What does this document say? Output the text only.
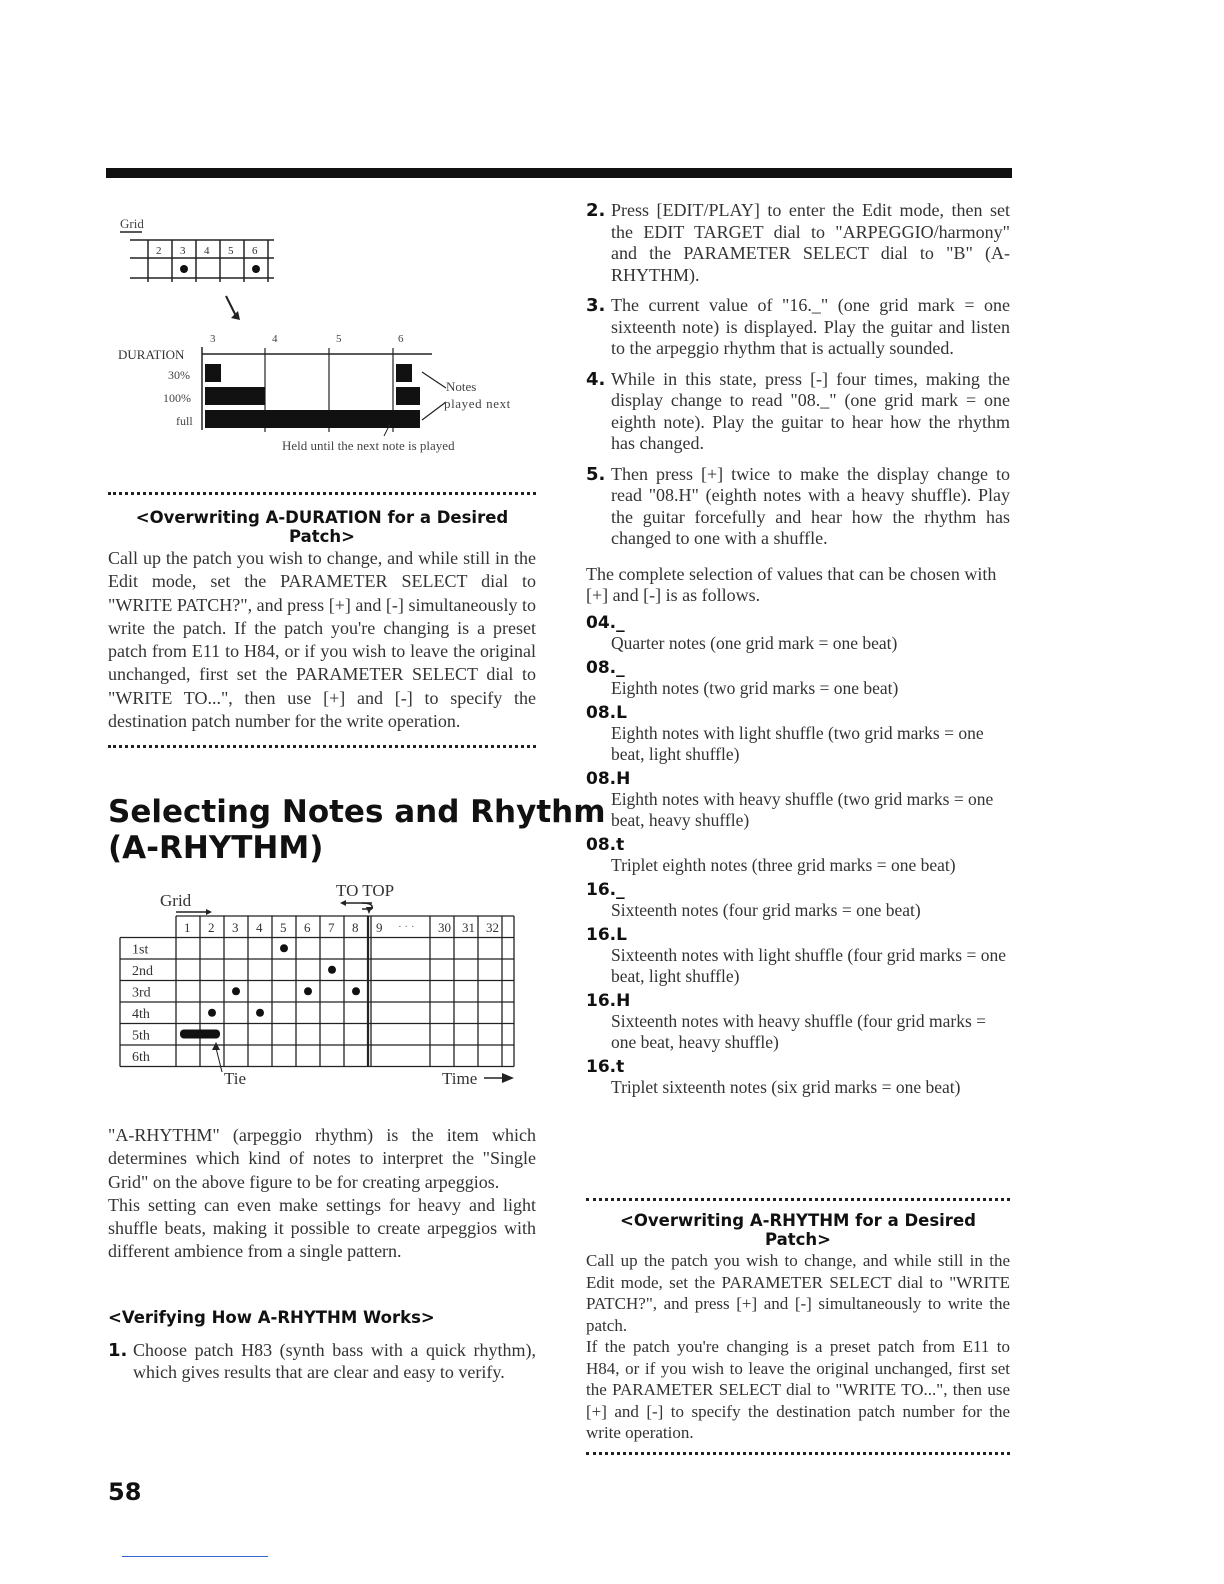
Grid
2 3 4 5 6
3	4	5	6
DURATION
30%
100%
full
Notes
played next
Held until the next note is played
<Overwriting A-DURATION for a Desired Patch>
Call up the patch you wish to change, and while still in the Edit mode, set the PARAMETER SELECT dial to "WRITE PATCH?", and press [+] and [-] simultaneously to write the patch. If the patch you're changing is a preset patch from E11 to H84, or if you wish to leave the original unchanged, first set the PARAMETER SELECT dial to "WRITE TO...", then use [+] and [-] to specify the destination patch number for the write operation.
Selecting Notes and Rhythm
(A-RHYTHM)
Grid
TO TOP
1 2 3 4 5 6 7 8 9	30 31 32
· · ·
1st
2nd
3rd
4th
5th
6th
Tie	Time
"A-RHYTHM" (arpeggio rhythm) is the item which determines which kind of notes to interpret the "Single Grid" on the above figure to be for creating arpeggios.
This setting can even make settings for heavy and light shuffle beats, making it possible to create arpeggios with different ambience from a single pattern.
<Verifying How A-RHYTHM Works>
1. Choose patch H83 (synth bass with a quick rhythm), which gives results that are clear and easy to verify.
58
2. Press [EDIT/PLAY] to enter the Edit mode, then set the EDIT TARGET dial to "ARPEGGIO/harmony" and the PARAMETER SELECT dial to "B" (A-RHYTHM).
3. The current value of "16._" (one grid mark = one sixteenth note) is displayed. Play the guitar and listen to the arpeggio rhythm that is actually sounded.
4. While in this state, press [-] four times, making the display change to read "08._" (one grid mark = one eighth note). Play the guitar to hear how the rhythm has changed.
5. Then press [+] twice to make the display change to read "08.H" (eighth notes with a heavy shuffle). Play the guitar forcefully and hear how the rhythm has changed to one with a shuffle.
The complete selection of values that can be chosen with [+] and [-] is as follows.
04._
Quarter notes (one grid mark = one beat)
08._
Eighth notes (two grid marks = one beat)
08.L
Eighth notes with light shuffle (two grid marks = one beat, light shuffle)
08.H
Eighth notes with heavy shuffle (two grid marks = one beat, heavy shuffle)
08.t
Triplet eighth notes (three grid marks = one beat)
16._
Sixteenth notes (four grid marks = one beat)
16.L
Sixteenth notes with light shuffle (four grid marks = one beat, light shuffle)
16.H
Sixteenth notes with heavy shuffle (four grid marks = one beat, heavy shuffle)
16.t
Triplet sixteenth notes (six grid marks = one beat)
<Overwriting A-RHYTHM for a Desired Patch>
Call up the patch you wish to change, and while still in the Edit mode, set the PARAMETER SELECT dial to "WRITE PATCH?", and press [+] and [-] simultaneously to write the patch.
If the patch you're changing is a preset patch from E11 to H84, or if you wish to leave the original unchanged, first set the PARAMETER SELECT dial to "WRITE TO...", then use [+] and [-] to specify the destination patch number for the write operation.
